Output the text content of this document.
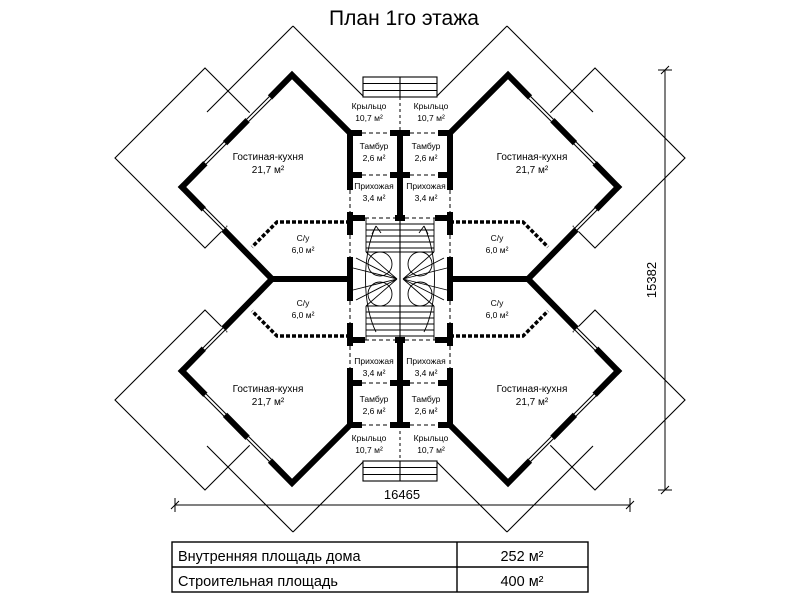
Гостиная-кухня
21,7 м²
Гостиная-кухня
21,7 м²
Гостиная-кухня
21,7 м²
Гостиная-кухня
21,7 м²
С/у
6,0 м²
С/у
6,0 м²
С/у
6,0 м²
С/у
6,0 м²
Тамбур
2,6 м²
Тамбур
2,6 м²
Тамбур
2,6 м²
Тамбур
2,6 м²
Прихожая
3,4 м²
Прихожая
3,4 м²
Прихожая
3,4 м²
Прихожая
3,4 м²
Крыльцо
10,7 м²
Крыльцо
10,7 м²
Крыльцо
10,7 м²
Крыльцо
10,7 м²
16465
15382
План 1го этажа
Внутренняя площадь дома	252 м²
Строительная площадь	400 м²
